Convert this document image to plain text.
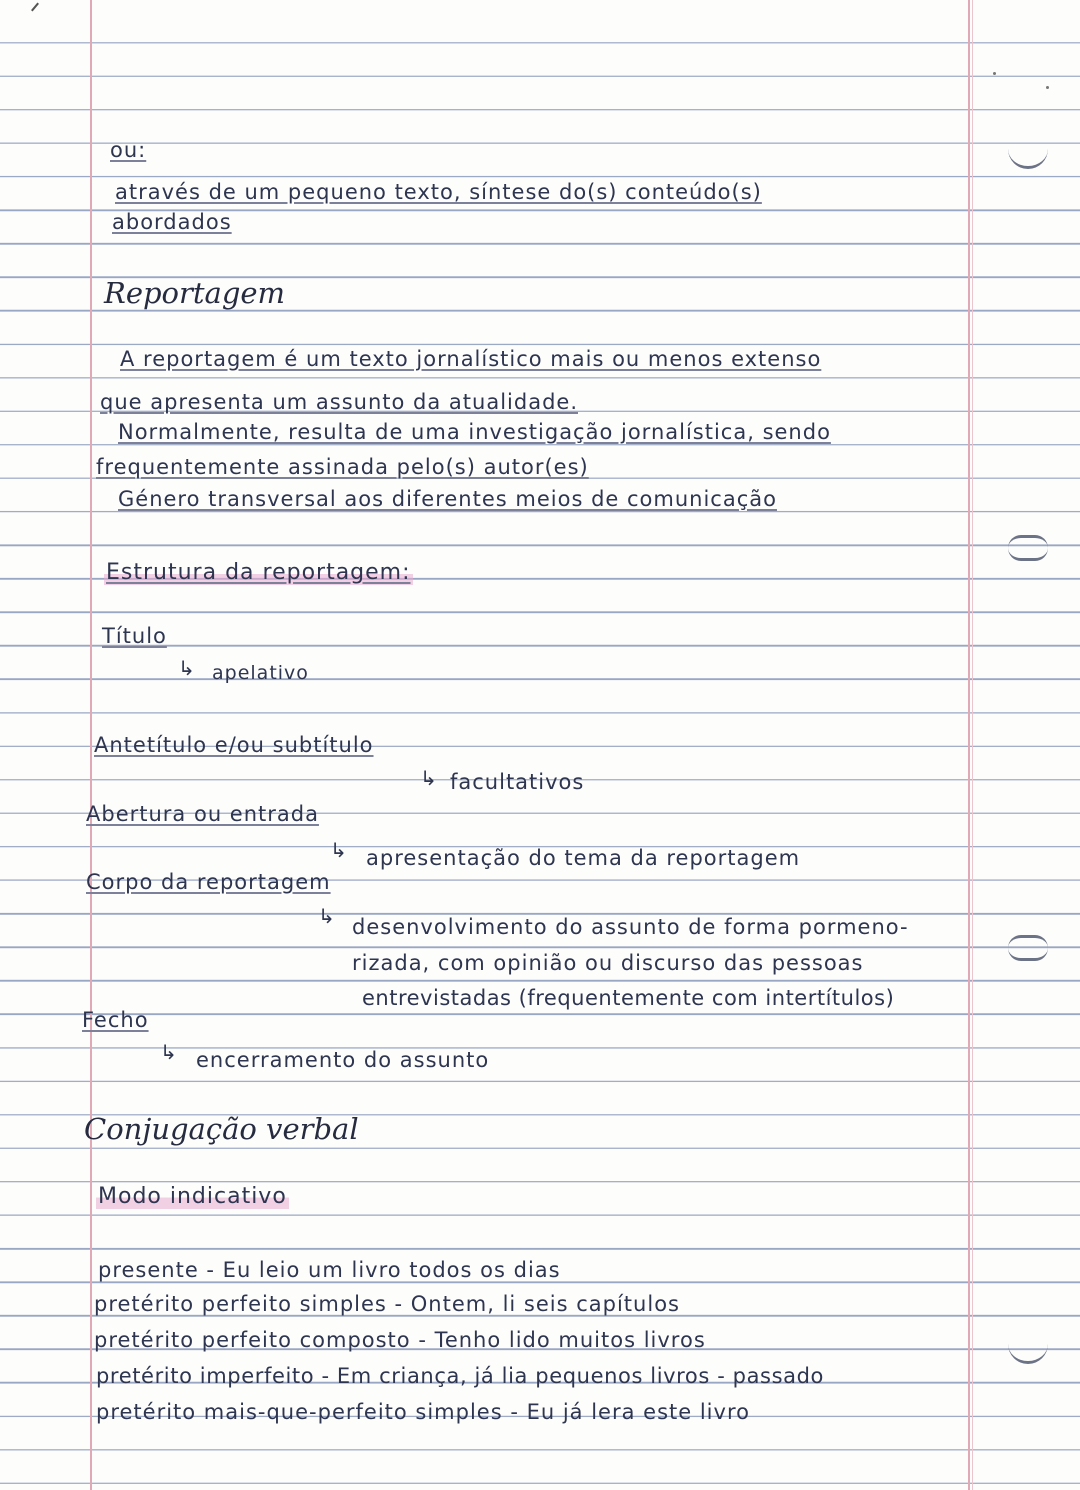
ou:

através de um pequeno texto, síntese do(s) conteúdo(s)

abordados

Reportagem

A reportagem é um texto jornalístico mais ou menos extenso

que apresenta um assunto da atualidade.

Normalmente, resulta de uma investigação jornalística, sendo

frequentemente assinada pelo(s) autor(es)

Género transversal aos diferentes meios de comunicação

Estrutura da reportagem:

Título

↳ apelativo

Antetítulo e/ou subtítulo

↳ facultativos

Abertura ou entrada

↳ apresentação do tema da reportagem

Corpo da reportagem

↳ desenvolvimento do assunto de forma pormeno-

rizada, com opinião ou discurso das pessoas

entrevistadas (frequentemente com intertítulos)

Fecho

↳ encerramento do assunto

Conjugação verbal

Modo indicativo

presente - Eu leio um livro todos os dias

pretérito perfeito simples - Ontem, li seis capítulos

pretérito perfeito composto - Tenho lido muitos livros

pretérito imperfeito - Em criança, já lia pequenos livros - passado

pretérito mais-que-perfeito simples - Eu já lera este livro
